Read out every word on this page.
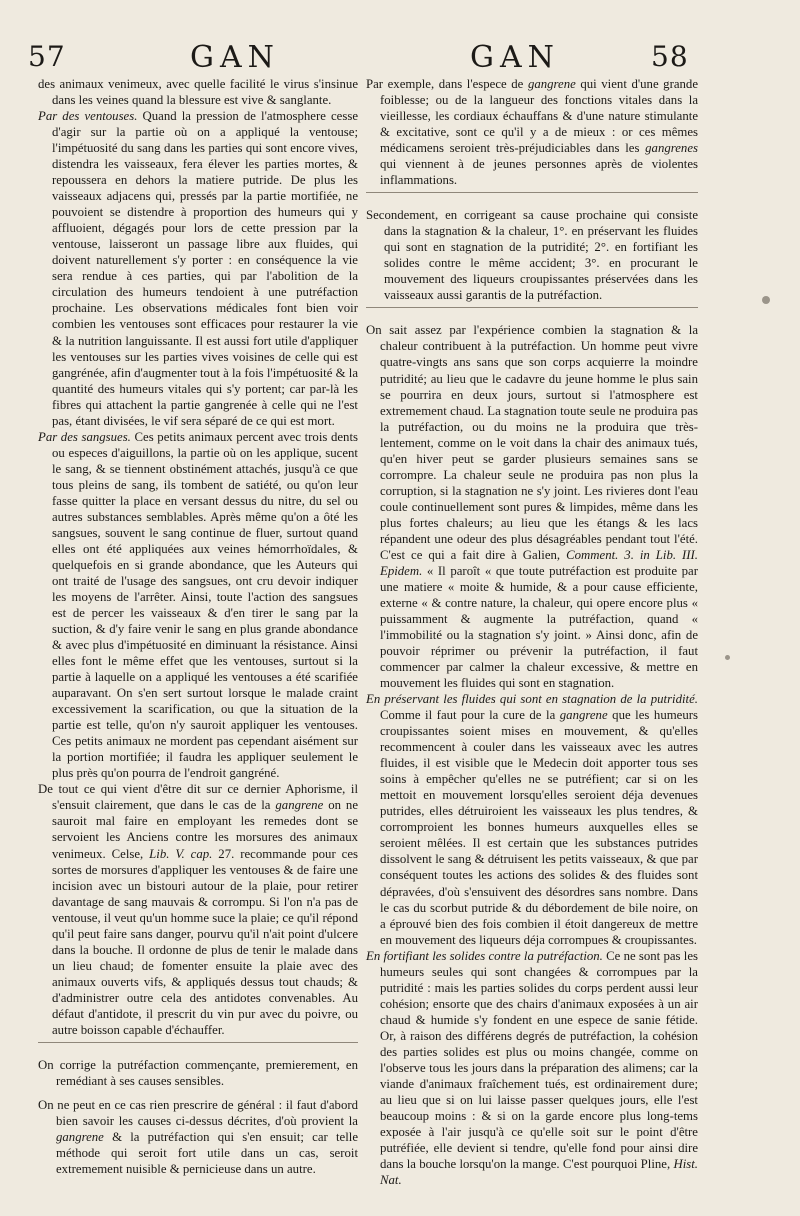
57	GAN	GAN	58

des animaux venimeux, avec quelle facilité le virus s'insinue dans les veines quand la blessure est vive & sanglante.

Par des ventouses. Quand la pression de l'atmosphere cesse d'agir sur la partie où on a appliqué la ventouse; l'impétuosité du sang dans les parties qui sont encore vives, distendra les vaisseaux, fera élever les parties mortes, & repoussera en dehors la matiere putride. De plus les vaisseaux adjacens qui, pressés par la partie mortifiée, ne pouvoient se distendre à proportion des humeurs qui y affluoient, dégagés pour lors de cette pression par la ventouse, laisseront un passage libre aux fluides, qui doivent naturellement s'y porter : en conséquence la vie sera rendue à ces parties, qui par l'abolition de la circulation des humeurs tendoient à une putréfaction prochaine. Les observations médicales font bien voir combien les ventouses sont efficaces pour restaurer la vie & la nutrition languissante. Il est aussi fort utile d'appliquer les ventouses sur les parties vives voisines de celle qui est gangrénée, afin d'augmenter tout à la fois l'impétuosité & la quantité des humeurs vitales qui s'y portent; car par-là les fibres qui attachent la partie gangrenée à celle qui ne l'est pas, étant divisées, le vif sera séparé de ce qui est mort.

Par des sangsues. Ces petits animaux percent avec trois dents ou especes d'aiguillons, la partie où on les applique, sucent le sang, & se tiennent obstinément attachés, jusqu'à ce que tous pleins de sang, ils tombent de satiété, ou qu'on leur fasse quitter la place en versant dessus du nitre, du sel ou autres substances semblables. Après même qu'on a ôté les sangsues, souvent le sang continue de fluer, surtout quand elles ont été appliquées aux veines hémorrhoïdales, & quelquefois en si grande abondance, que les Auteurs qui ont traité de l'usage des sangsues, ont cru devoir indiquer les moyens de l'arrêter. Ainsi, toute l'action des sangsues est de percer les vaisseaux & d'en tirer le sang par la suction, & d'y faire venir le sang en plus grande abondance & avec plus d'impétuosité en diminuant la résistance. Ainsi elles font le même effet que les ventouses, surtout si la partie à laquelle on a appliqué les ventouses a été scarifiée auparavant. On s'en sert surtout lorsque le malade craint excessivement la scarification, ou que la situation de la partie est telle, qu'on n'y sauroit appliquer les ventouses. Ces petits animaux ne mordent pas cependant aisément sur la portion mortifiée; il faudra les appliquer seulement le plus près qu'on pourra de l'endroit gangréné.

De tout ce qui vient d'être dit sur ce dernier Aphorisme, il s'ensuit clairement, que dans le cas de la gangrene on ne sauroit mal faire en employant les remedes dont se servoient les Anciens contre les morsures des animaux venimeux. Celse, Lib. V. cap. 27. recommande pour ces sortes de morsures d'appliquer les ventouses & de faire une incision avec un bistouri autour de la plaie, pour retirer davantage de sang mauvais & corrompu. Si l'on n'a pas de ventouse, il veut qu'un homme suce la plaie; ce qu'il répond qu'il peut faire sans danger, pourvu qu'il n'ait point d'ulcere dans la bouche. Il ordonne de plus de tenir le malade dans un lieu chaud; de fomenter ensuite la plaie avec des animaux ouverts vifs, & appliqués dessus tout chauds; & d'administrer outre cela des antidotes convenables. Au défaut d'antidote, il prescrit du vin pur avec du poivre, ou autre boisson capable d'échauffer.

On corrige la putréfaction commençante, premierement, en remédiant à ses causes sensibles.

On ne peut en ce cas rien prescrire de général : il faut d'abord bien savoir les causes ci-dessus décrites, d'où provient la gangrene & la putréfaction qui s'en ensuit; car telle méthode qui seroit fort utile dans un cas, seroit extremement nuisible & pernicieuse dans un autre.

Par exemple, dans l'espece de gangrene qui vient d'une grande foiblesse; ou de la langueur des fonctions vitales dans la vieillesse, les cordiaux échauffans & d'une nature stimulante & excitative, sont ce qu'il y a de mieux : or ces mêmes médicamens seroient très-préjudiciables dans les gangrenes qui viennent à de jeunes personnes après de violentes inflammations.

Secondement, en corrigeant sa cause prochaine qui consiste dans la stagnation & la chaleur, 1°. en préservant les fluides qui sont en stagnation de la putridité; 2°. en fortifiant les solides contre le même accident; 3°. en procurant le mouvement des liqueurs croupissantes préservées dans les vaisseaux aussi garantis de la putréfaction.

On sait assez par l'expérience combien la stagnation & la chaleur contribuent à la putréfaction. Un homme peut vivre quatre-vingts ans sans que son corps acquierre la moindre putridité; au lieu que le cadavre du jeune homme le plus sain se pourrira en deux jours, surtout si l'atmosphere est extremement chaud. La stagnation toute seule ne produira pas la putréfaction, ou du moins ne la produira que très-lentement, comme on le voit dans la chair des animaux tués, qu'en hiver peut se garder plusieurs semaines sans se corrompre. La chaleur seule ne produira pas non plus la corruption, si la stagnation ne s'y joint. Les rivieres dont l'eau coule continuellement sont pures & limpides, même dans les plus fortes chaleurs; au lieu que les étangs & les lacs répandent une odeur des plus désagréables pendant tout l'été. C'est ce qui a fait dire à Galien, Comment. 3. in Lib. III. Epidem. « Il paroît « que toute putréfaction est produite par une matiere « moite & humide, & a pour cause efficiente, externe « & contre nature, la chaleur, qui opere encore plus « puissamment & augmente la putréfaction, quand « l'immobilité ou la stagnation s'y joint. » Ainsi donc, afin de pouvoir réprimer ou prévenir la putréfaction, il faut commencer par calmer la chaleur excessive, & mettre en mouvement les fluides qui sont en stagnation.

En préservant les fluides qui sont en stagnation de la putridité. Comme il faut pour la cure de la gangrene que les humeurs croupissantes soient mises en mouvement, & qu'elles recommencent à couler dans les vaisseaux avec les autres fluides, il est visible que le Medecin doit apporter tous ses soins à empêcher qu'elles ne se putréfient; car si on les mettoit en mouvement lorsqu'elles seroient déja devenues putrides, elles détruiroient les vaisseaux les plus tendres, & corromproient les bonnes humeurs auxquelles elles se seroient mêlées. Il est certain que les substances putrides dissolvent le sang & détruisent les petits vaisseaux, & que par conséquent toutes les actions des solides & des fluides sont dépravées, d'où s'ensuivent des désordres sans nombre. Dans le cas du scorbut putride & du débordement de bile noire, on a éprouvé bien des fois combien il étoit dangereux de mettre en mouvement des liqueurs déja corrompues & croupissantes.

En fortifiant les solides contre la putréfaction. Ce ne sont pas les humeurs seules qui sont changées & corrompues par la putridité : mais les parties solides du corps perdent aussi leur cohésion; ensorte que des chairs d'animaux exposées à un air chaud & humide s'y fondent en une espece de sanie fétide. Or, à raison des différens degrés de putréfaction, la cohésion des parties solides est plus ou moins changée, comme on l'observe tous les jours dans la préparation des alimens; car la viande d'animaux fraîchement tués, est ordinairement dure; au lieu que si on lui laisse passer quelques jours, elle l'est beaucoup moins : & si on la garde encore plus long-tems exposée à l'air jusqu'à ce qu'elle soit sur le point d'être putréfiée, elle devient si tendre, qu'elle fond pour ainsi dire dans la bouche lorsqu'on la mange. C'est pourquoi Pline, Hist. Nat.
